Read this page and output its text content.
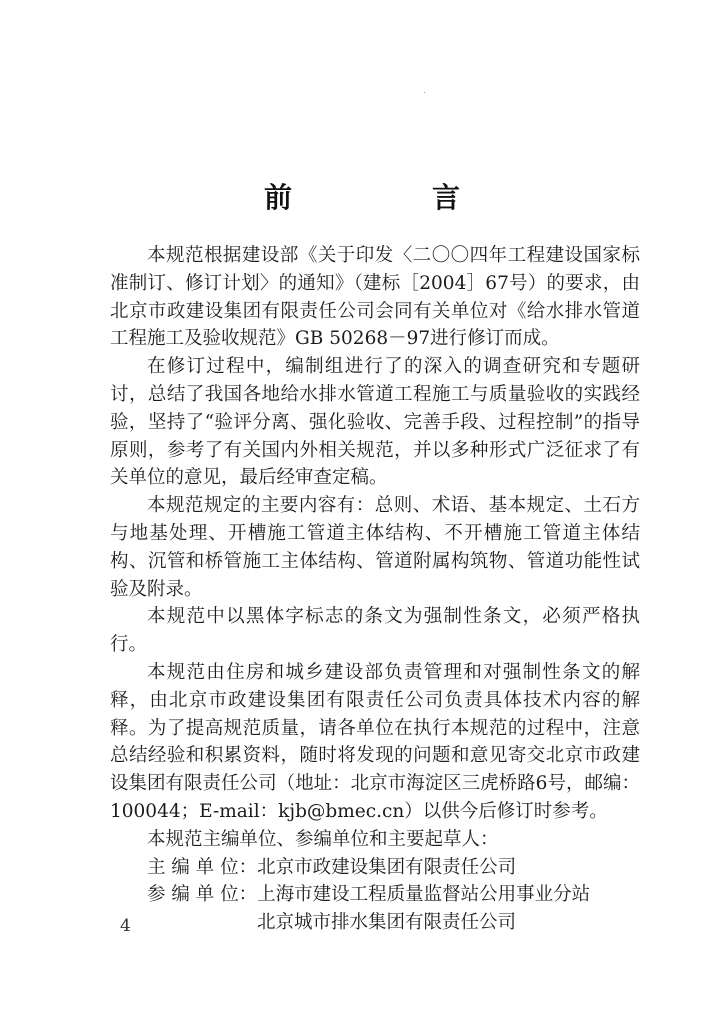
前　言

本规范根据建设部《关于印发〈二〇〇四年工程建设国家标准制订、修订计划〉的通知》（建标［2004］67号）的要求，由北京市政建设集团有限责任公司会同有关单位对《给水排水管道工程施工及验收规范》GB 50268－97进行修订而成。

在修订过程中，编制组进行了的深入的调查研究和专题研讨，总结了我国各地给水排水管道工程施工与质量验收的实践经验，坚持了“验评分离、强化验收、完善手段、过程控制”的指导原则，参考了有关国内外相关规范，并以多种形式广泛征求了有关单位的意见，最后经审查定稿。

本规范规定的主要内容有：总则、术语、基本规定、土石方与地基处理、开槽施工管道主体结构、不开槽施工管道主体结构、沉管和桥管施工主体结构、管道附属构筑物、管道功能性试验及附录。

本规范中以黑体字标志的条文为强制性条文，必须严格执行。

本规范由住房和城乡建设部负责管理和对强制性条文的解释，由北京市政建设集团有限责任公司负责具体技术内容的解释。为了提高规范质量，请各单位在执行本规范的过程中，注意总结经验和积累资料，随时将发现的问题和意见寄交北京市政建设集团有限责任公司（地址：北京市海淀区三虎桥路6号，邮编：100044；E-mail：kjb@bmec.cn）以供今后修订时参考。

本规范主编单位、参编单位和主要起草人：

主 编 单 位：北京市政建设集团有限责任公司

参 编 单 位：上海市建设工程质量监督站公用事业分站

北京城市排水集团有限责任公司

4
